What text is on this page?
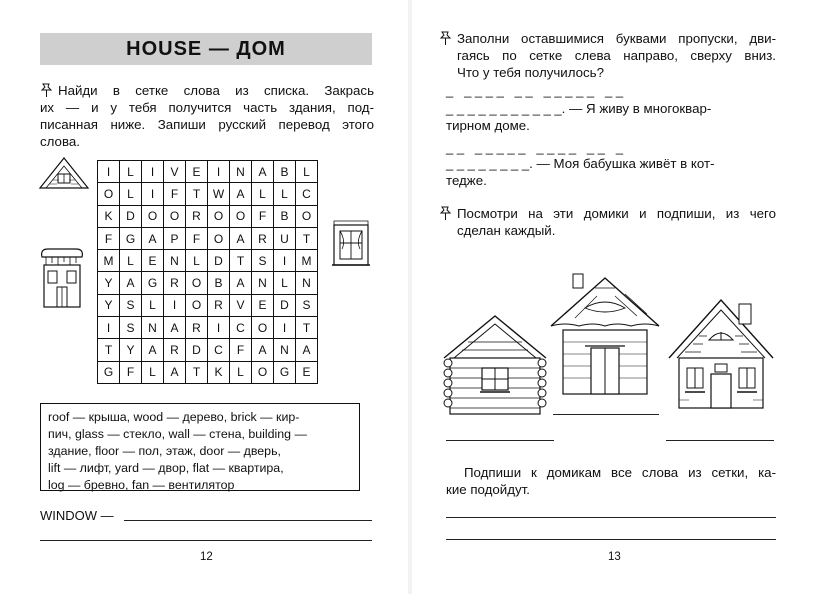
HOUSE — ДОМ
Найди в сетке слова из списка. Закрась
их — и у тебя получится часть здания, под-
писанная ниже. Запиши русский перевод этого
слова.
I	L	I	V	E	I	N	A	B	L
O	L	I	F	T	W	A	L	L	C
K	D	O	O	R	O	O	F	B	O
F	G	A	P	F	O	A	R	U	T
M	L	E	N	L	D	T	S	I	M
Y	A	G	R	O	B	A	N	L	N
Y	S	L	I	O	R	V	E	D	S
I	S	N	A	R	I	C	O	I	T
T	Y	A	R	D	C	F	A	N	A
G	F	L	A	T	K	L	O	G	E
roof — крыша, wood — дерево, brick — кир-
пич, glass — стекло, wall — стена, building —
здание, floor — пол, этаж, door — дверь,
lift — лифт, yard — двор, flat — квартира,
log — бревно, fan — вентилятор
WINDOW —
12
Заполни оставшимися буквами пропуски, дви-
гаясь по сетке слева направо, сверху вниз.
Что у тебя получилось?
_   _ _ _ _   _ _   _ _ _ _ _   _ _
_ _ _ _ _ _ _ _ _ _ _. — Я живу в многоквар-
тирном доме.
_ _   _ _ _ _ _   _ _ _ _   _ _   _
_ _ _ _ _ _ _ _. — Моя бабушка живёт в кот-
тедже.
Посмотри на эти домики и подпиши, из чего
сделан каждый.
Подпиши к домикам все слова из сетки, ка-
кие подойдут.
13
